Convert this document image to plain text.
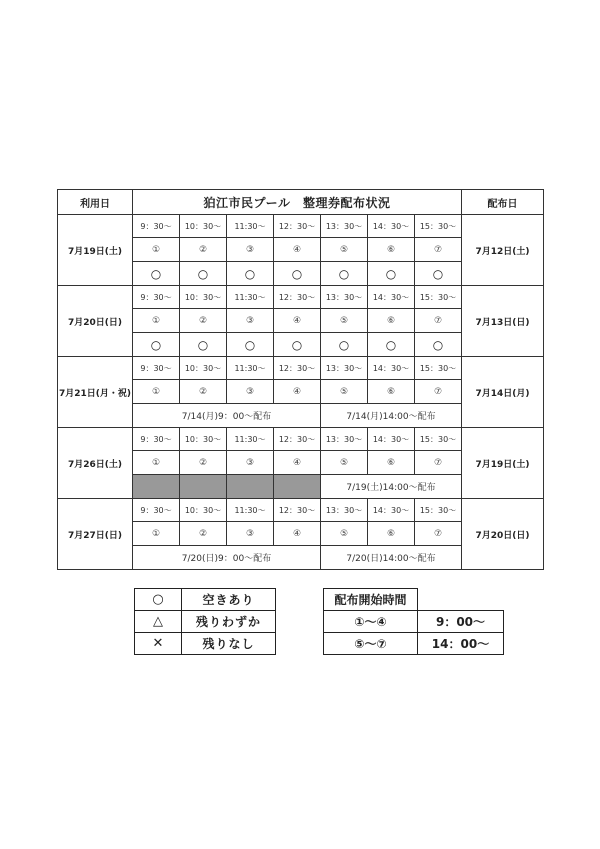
利用日	狛江市民プール　整理券配布状況							配布日
7月19日(土)	9：30～	10：30～	11:30～	12：30～	13：30～	14：30～	15：30～	7月12日(土)
	①	②	③	④	⑤	⑥	⑦	
	○	○	○	○	○	○	○	
7月20日(日)	9：30～	10：30～	11:30～	12：30～	13：30～	14：30～	15：30～	7月13日(日)
	①	②	③	④	⑤	⑥	⑦	
	○	○	○	○	○	○	○	
7月21日(月・祝)	9：30～	10：30～	11:30～	12：30～	13：30～	14：30～	15：30～	7月14日(月)
	①	②	③	④	⑤	⑥	⑦	
	7/14(月)9：00～配布				7/14(月)14:00～配布			
7月26日(土)	9：30～	10：30～	11:30～	12：30～	13：30～	14：30～	15：30～	7月19日(土)
	①	②	③	④	⑤	⑥	⑦	
					7/19(土)14:00～配布			
7月27日(日)	9：30～	10：30～	11:30～	12：30～	13：30～	14：30～	15：30～	7月20日(日)
	①	②	③	④	⑤	⑥	⑦	
	7/20(日)9：00～配布				7/20(日)14:00～配布			
○	空きあり
△	残りわずか
✕	残りなし
配布開始時間	
①～④	9：00～
⑤～⑦	14：00～
